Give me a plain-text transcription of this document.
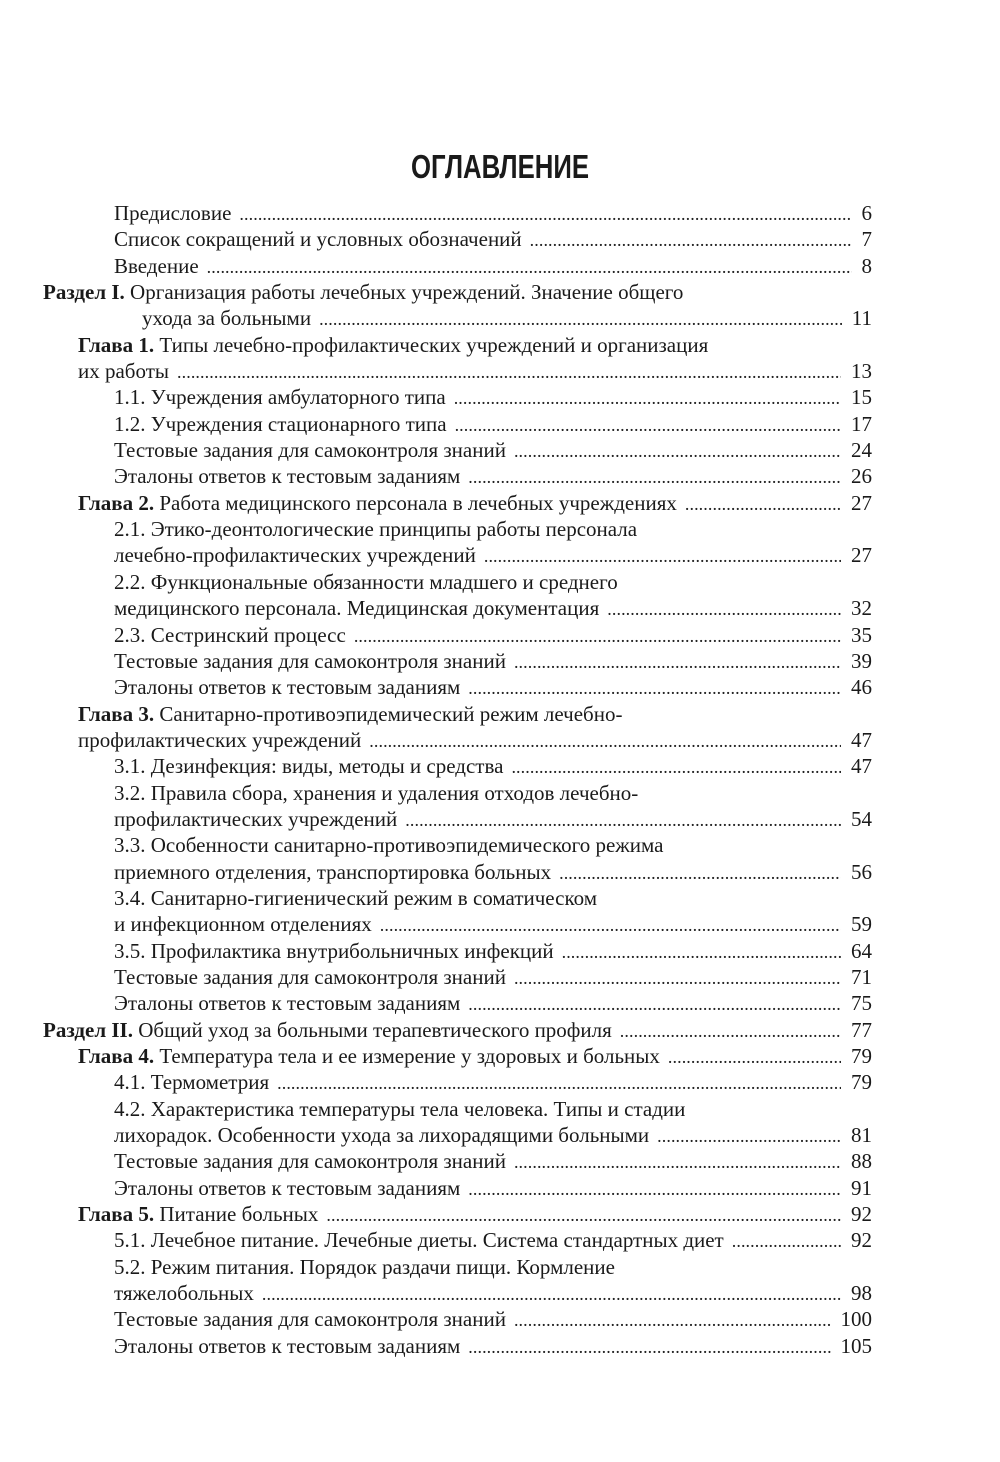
ОГЛАВЛЕНИЕ
Предисловие	6
. . .
Список сокращений и условных обозначений	7
. . .
Введение	8
. . .
Раздел I. Организация работы лечебных учреждений. Значение общего
ухода за больными	11
. . .
Глава 1. Типы лечебно-профилактических учреждений и организация
их работы	13
. . .
1.1. Учреждения амбулаторного типа	15
. . .
1.2. Учреждения стационарного типа	17
. . .
Тестовые задания для самоконтроля знаний	24
. . .
Эталоны ответов к тестовым заданиям	26
. . .
Глава 2. Работа медицинского персонала в лечебных учреждениях	27
. . .
2.1. Этико-деонтологические принципы работы персонала
лечебно-профилактических учреждений	27
. . .
2.2. Функциональные обязанности младшего и среднего
медицинского персонала. Медицинская документация	32
. . .
2.3. Сестринский процесс	35
. . .
Тестовые задания для самоконтроля знаний	39
. . .
Эталоны ответов к тестовым заданиям	46
. . .
Глава 3. Санитарно-противоэпидемический режим лечебно-
профилактических учреждений	47
. . .
3.1. Дезинфекция: виды, методы и средства	47
. . .
3.2. Правила сбора, хранения и удаления отходов лечебно-
профилактических учреждений	54
. . .
3.3. Особенности санитарно-противоэпидемического режима
приемного отделения, транспортировка больных	56
. . .
3.4. Санитарно-гигиенический режим в соматическом
и инфекционном отделениях	59
. . .
3.5. Профилактика внутрибольничных инфекций	64
. . .
Тестовые задания для самоконтроля знаний	71
. . .
Эталоны ответов к тестовым заданиям	75
. . .
Раздел II. Общий уход за больными терапевтического профиля	77
. . .
Глава 4. Температура тела и ее измерение у здоровых и больных	79
. . .
4.1. Термометрия	79
. . .
4.2. Характеристика температуры тела человека. Типы и стадии
лихорадок. Особенности ухода за лихорадящими больными	81
. . .
Тестовые задания для самоконтроля знаний	88
. . .
Эталоны ответов к тестовым заданиям	91
. . .
Глава 5. Питание больных	92
. . .
5.1. Лечебное питание. Лечебные диеты. Система стандартных диет	92
. . .
5.2. Режим питания. Порядок раздачи пищи. Кормление
тяжелобольных	98
. . .
Тестовые задания для самоконтроля знаний	100
. . .
Эталоны ответов к тестовым заданиям	105
. . .
